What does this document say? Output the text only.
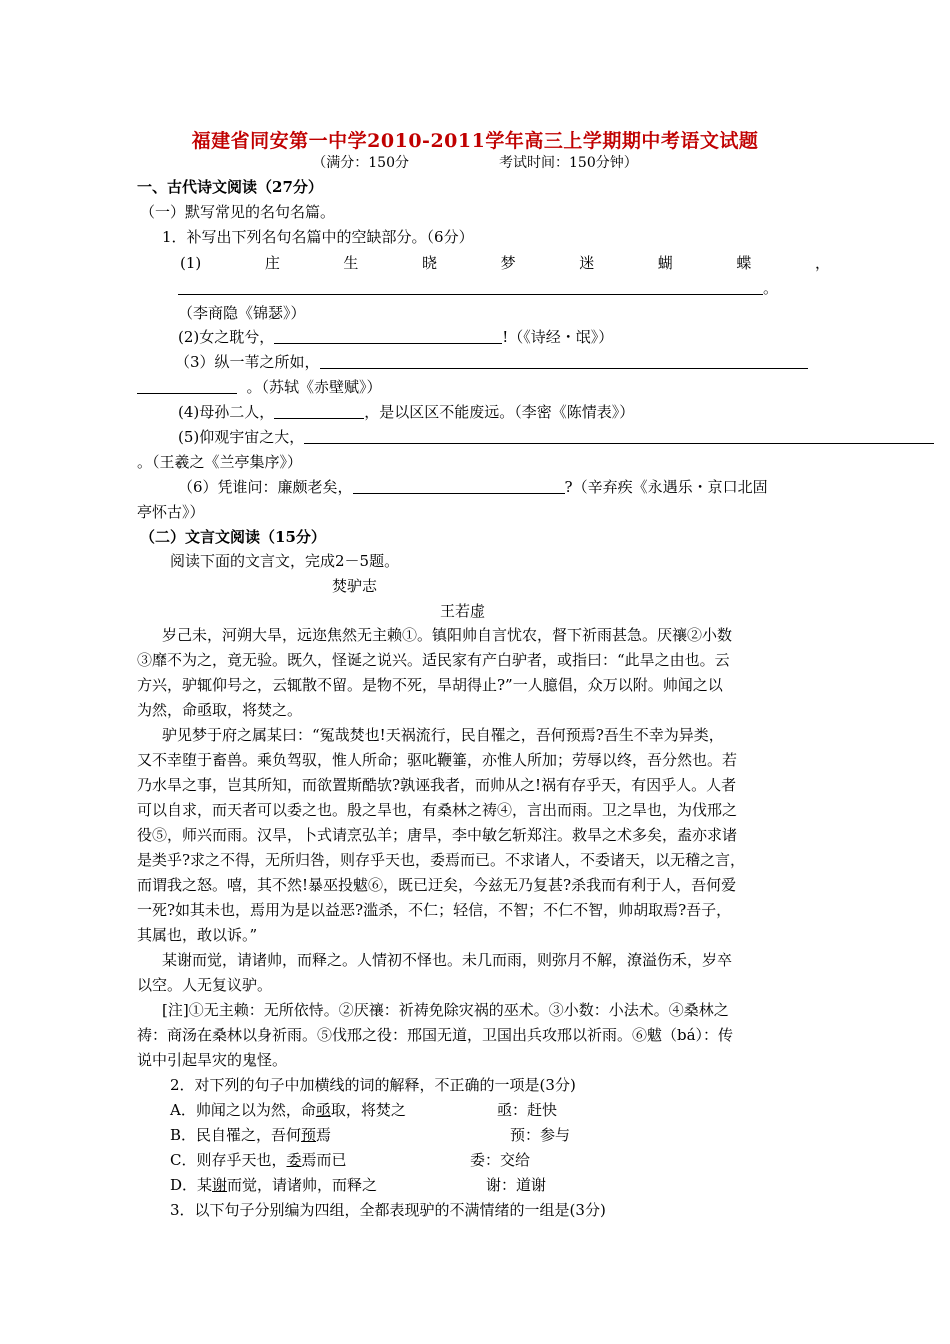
福建省同安第一中学2010-2011学年高三上学期期中考语文试题
（满分：150分	考试时间：150分钟）
一、古代诗文阅读（27分）
（一）默写常见的名句名篇。
1．补写出下列名句名篇中的空缺部分。（6分）
(1)	庄	生	晓	梦	迷	蝴	蝶	，
。
（李商隐《锦瑟》）
(2)女之耽兮，	!（《诗经・氓》）
（3）纵一苇之所如，
。（苏轼《赤壁赋》）
(4)母孙二人，	，是以区区不能废远。（李密《陈情表》）
(5)仰观宇宙之大，
。（王羲之《兰亭集序》）
（6）凭谁问：廉颇老矣，	?（辛弃疾《永遇乐・京口北固
亭怀古》）
（二）文言文阅读（15分）
阅读下面的文言文，完成2－5题。
焚驴志
王若虚
岁己未，河朔大旱，远迩焦然无主赖①。镇阳帅自言忧农，督下祈雨甚急。厌禳②小数
③靡不为之，竟无验。既久，怪诞之说兴。适民家有产白驴者，或指曰：“此旱之由也。云
方兴，驴辄仰号之，云辄散不留。是物不死，旱胡得止?”一人臆倡，众万以附。帅闻之以
为然，命亟取，将焚之。
驴见梦于府之属某曰：“冤哉焚也!天祸流行，民自罹之，吾何预焉?吾生不幸为异类，
又不幸堕于畜兽。乘负驾驭，惟人所命；驱叱鞭箠，亦惟人所加；劳辱以终，吾分然也。若
乃水旱之事，岂其所知，而欲置斯酷欤?孰诬我者，而帅从之!祸有存乎天，有因乎人。人者
可以自求，而天者可以委之也。殷之旱也，有桑林之祷④，言出而雨。卫之旱也，为伐邢之
役⑤，师兴而雨。汉旱，卜式请烹弘羊；唐旱，李中敏乞斩郑注。救旱之术多矣，盍亦求诸
是类乎?求之不得，无所归咎，则存乎天也，委焉而已。不求诸人，不委诸天，以无稽之言，
而谓我之怒。嘻，其不然!暴巫投魃⑥，既已迂矣，今兹无乃复甚?杀我而有利于人，吾何爱
一死?如其未也，焉用为是以益恶?滥杀，不仁；轻信，不智；不仁不智，帅胡取焉?吾子，
其属也，敢以诉。”
某谢而觉，请诸帅，而释之。人情初不怿也。未几而雨，则弥月不解，潦溢伤禾，岁卒
以空。人无复议驴。
[注]①无主赖：无所依恃。②厌禳：祈祷免除灾祸的巫术。③小数：小法术。④桑林之
祷：商汤在桑林以身祈雨。⑤伐邢之役：邢国无道，卫国出兵攻邢以祈雨。⑥魃（bá）：传
说中引起旱灾的鬼怪。
2．对下列的句子中加横线的词的解释，不正确的一项是(3分)
A．帅闻之以为然，命亟取，将焚之	亟：赶快
B．民自罹之，吾何预焉	预：参与
C．则存乎天也，委焉而已	委：交给
D．某谢而觉，请诸帅，而释之	谢：道谢
3．以下句子分别编为四组，全都表现驴的不满情绪的一组是(3分)
